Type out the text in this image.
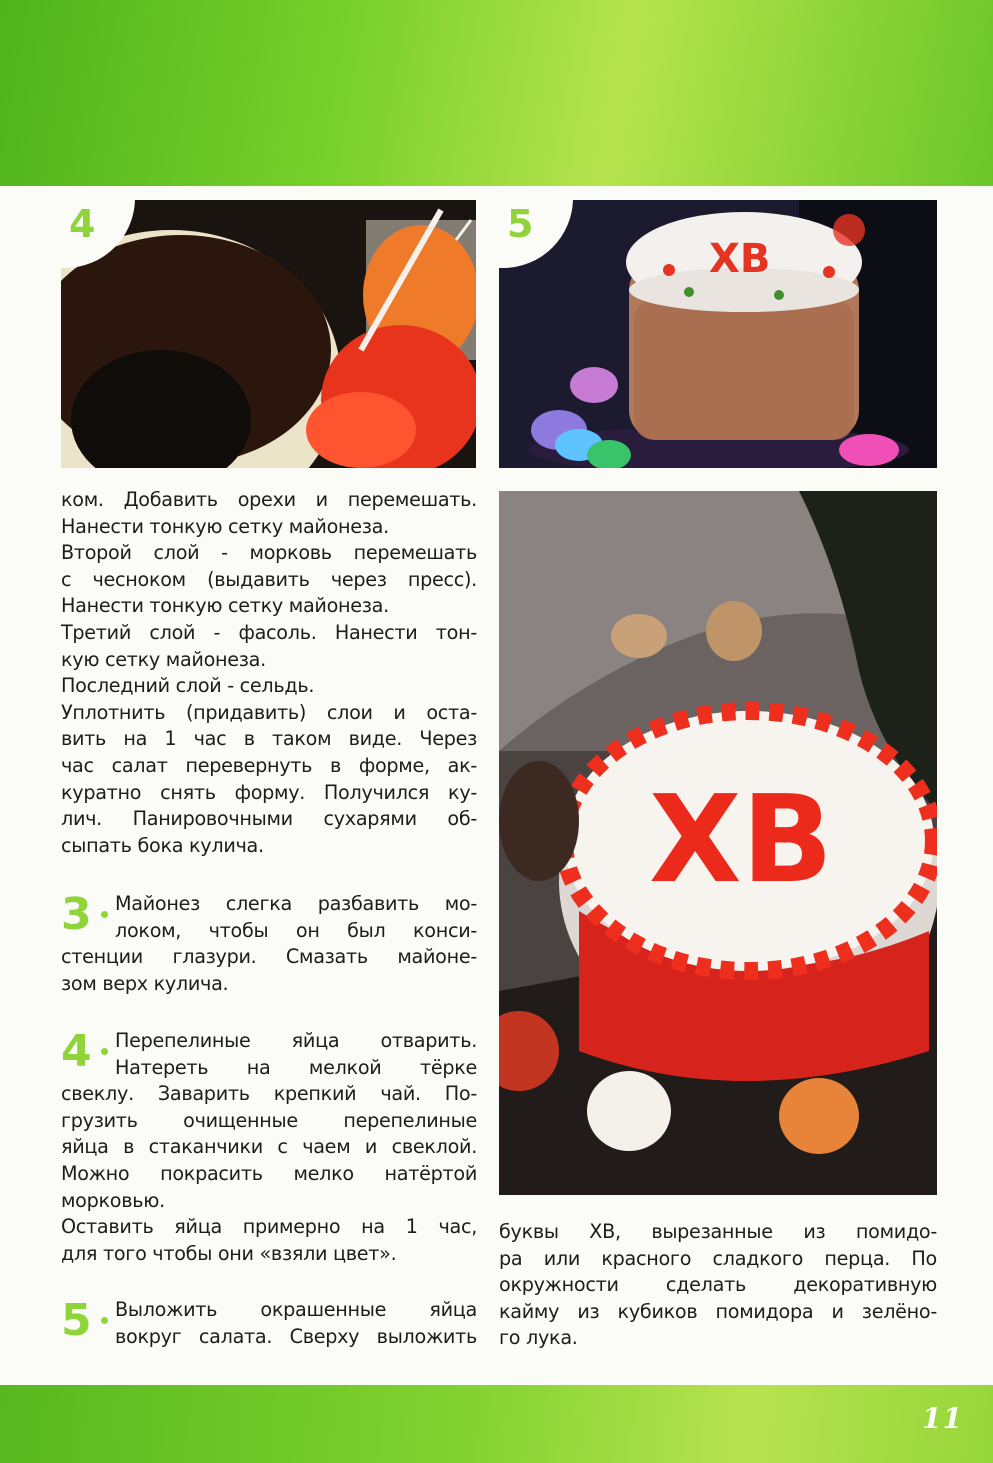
4
ХВ
5
ХВ
ком. Добавить орехи и перемешать.
Нанести тонкую сетку майонеза.
Второй слой - морковь перемешать
с чесноком (выдавить через пресс).
Нанести тонкую сетку майонеза.
Третий слой - фасоль. Нанести тон-
кую сетку майонеза.
Последний слой - сельдь.
Уплотнить (придавить) слои и оста-
вить на 1 час в таком виде. Через
час салат перевернуть в форме, ак-
куратно снять форму. Получился ку-
лич. Панировочными сухарями об-
сыпать бока кулича.
3 Майонез слегка разбавить мо-
локом, чтобы он был конси-
стенции глазури. Смазать майоне-
зом верх кулича.
4 Перепелиные яйца отварить.
Натереть на мелкой тёрке
свеклу. Заварить крепкий чай. По-
грузить очищенные перепелиные
яйца в стаканчики с чаем и свеклой.
Можно покрасить мелко натёртой
морковью.
Оставить яйца примерно на 1 час,
для того чтобы они «взяли цвет».
5 Выложить окрашенные яйца
вокруг салата. Сверху выложить
буквы ХВ, вырезанные из помидо-
ра или красного сладкого перца. По
окружности сделать декоративную
кайму из кубиков помидора и зелёно-
го лука.
11
